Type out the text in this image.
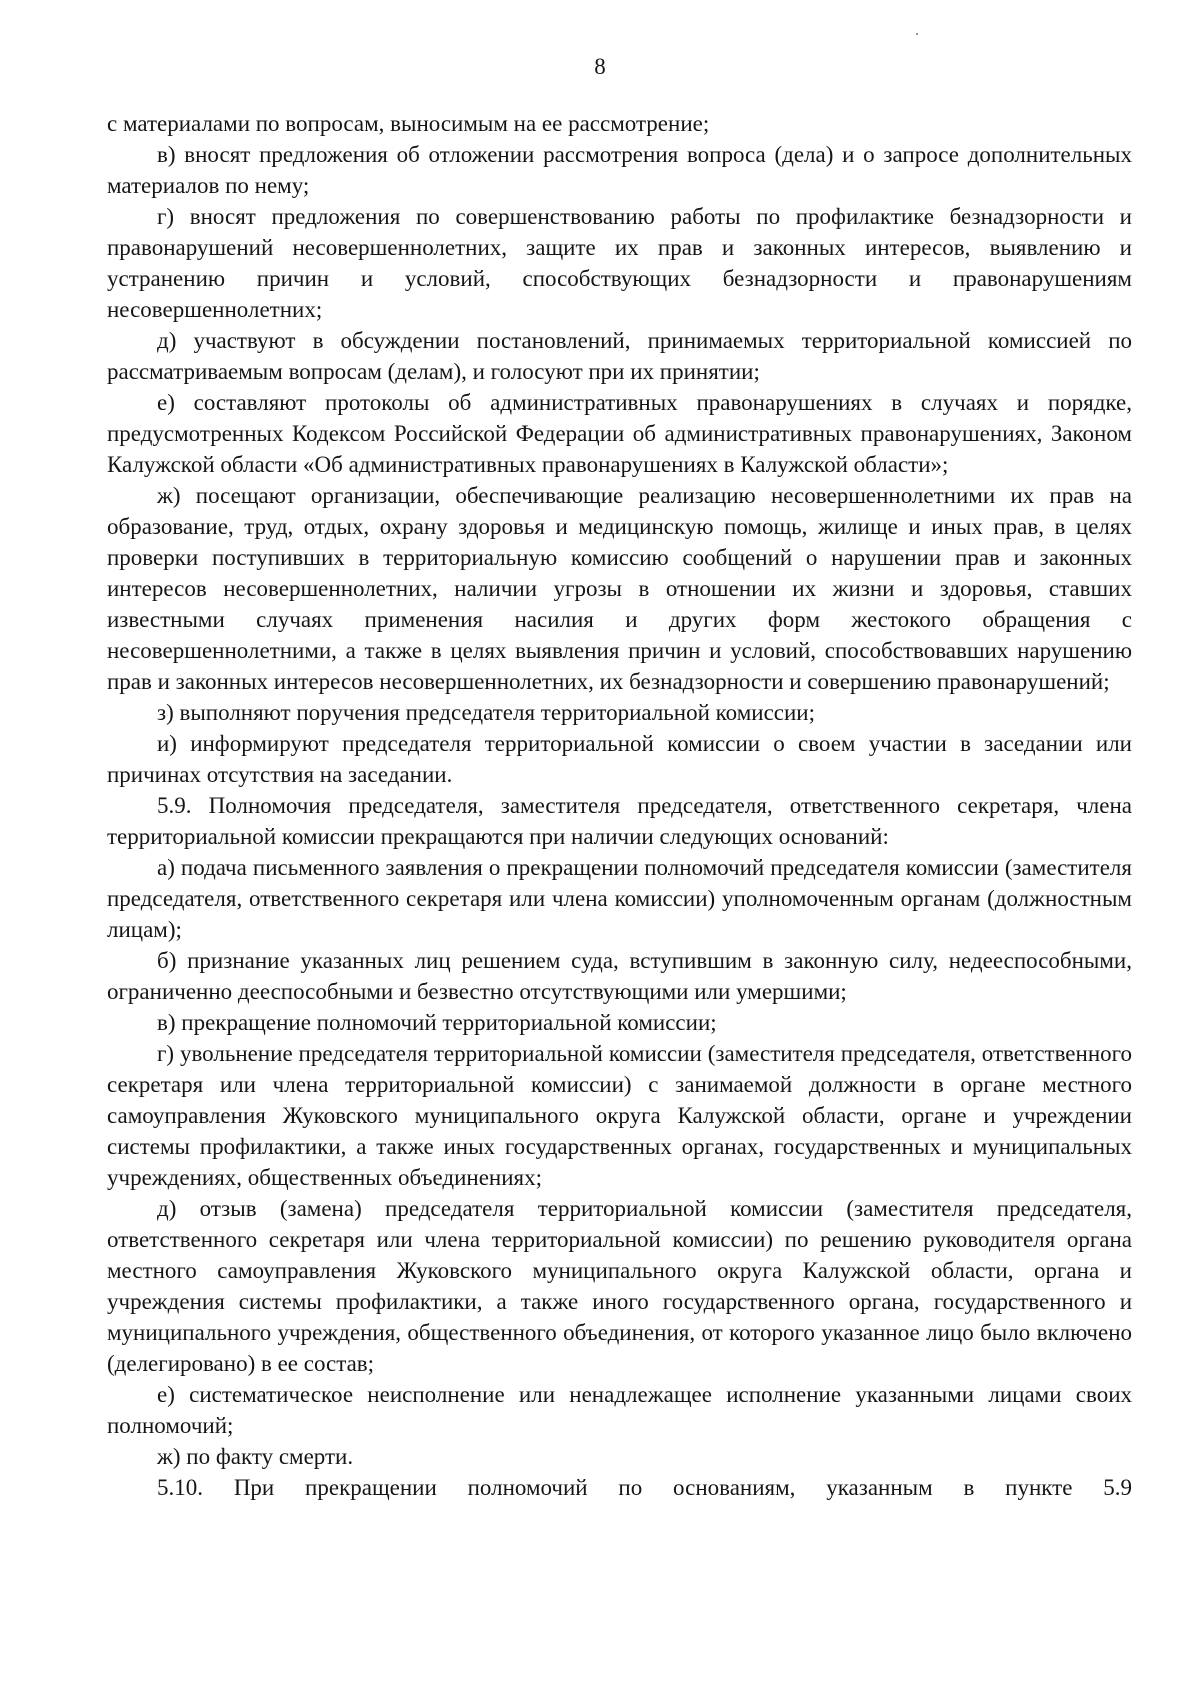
8

с материалами по вопросам, выносимым на ее рассмотрение;

в) вносят предложения об отложении рассмотрения вопроса (дела) и о запросе дополнительных материалов по нему;

г) вносят предложения по совершенствованию работы по профилактике безнадзорности и правонарушений несовершеннолетних, защите их прав и законных интересов, выявлению и устранению причин и условий, способствующих безнадзорности и правонарушениям несовершеннолетних;

д) участвуют в обсуждении постановлений, принимаемых территориальной комиссией по рассматриваемым вопросам (делам), и голосуют при их принятии;

е) составляют протоколы об административных правонарушениях в случаях и порядке, предусмотренных Кодексом Российской Федерации об административных правонарушениях, Законом Калужской области «Об административных правонарушениях в Калужской области»;

ж) посещают организации, обеспечивающие реализацию несовершеннолетними их прав на образование, труд, отдых, охрану здоровья и медицинскую помощь, жилище и иных прав, в целях проверки поступивших в территориальную комиссию сообщений о нарушении прав и законных интересов несовершеннолетних, наличии угрозы в отношении их жизни и здоровья, ставших известными случаях применения насилия и других форм жестокого обращения с несовершеннолетними, а также в целях выявления причин и условий, способствовавших нарушению прав и законных интересов несовершеннолетних, их безнадзорности и совершению правонарушений;

з) выполняют поручения председателя территориальной комиссии;

и) информируют председателя территориальной комиссии о своем участии в заседании или причинах отсутствия на заседании.

5.9. Полномочия председателя, заместителя председателя, ответственного секретаря, члена территориальной комиссии прекращаются при наличии следующих оснований:

а) подача письменного заявления о прекращении полномочий председателя комиссии (заместителя председателя, ответственного секретаря или члена комиссии) уполномоченным органам (должностным лицам);

б) признание указанных лиц решением суда, вступившим в законную силу, недееспособными, ограниченно дееспособными и безвестно отсутствующими или умершими;

в) прекращение полномочий территориальной комиссии;

г) увольнение председателя территориальной комиссии (заместителя председателя, ответственного секретаря или члена территориальной комиссии) с занимаемой должности в органе местного самоуправления Жуковского муниципального округа Калужской области, органе и учреждении системы профилактики, а также иных государственных органах, государственных и муниципальных учреждениях, общественных объединениях;

д) отзыв (замена) председателя территориальной комиссии (заместителя председателя, ответственного секретаря или члена территориальной комиссии) по решению руководителя органа местного самоуправления Жуковского муниципального округа Калужской области, органа и учреждения системы профилактики, а также иного государственного органа, государственного и муниципального учреждения, общественного объединения, от которого указанное лицо было включено (делегировано) в ее состав;

е) систематическое неисполнение или ненадлежащее исполнение указанными лицами своих полномочий;

ж) по факту смерти.

5.10. При прекращении полномочий по основаниям, указанным в пункте 5.9
